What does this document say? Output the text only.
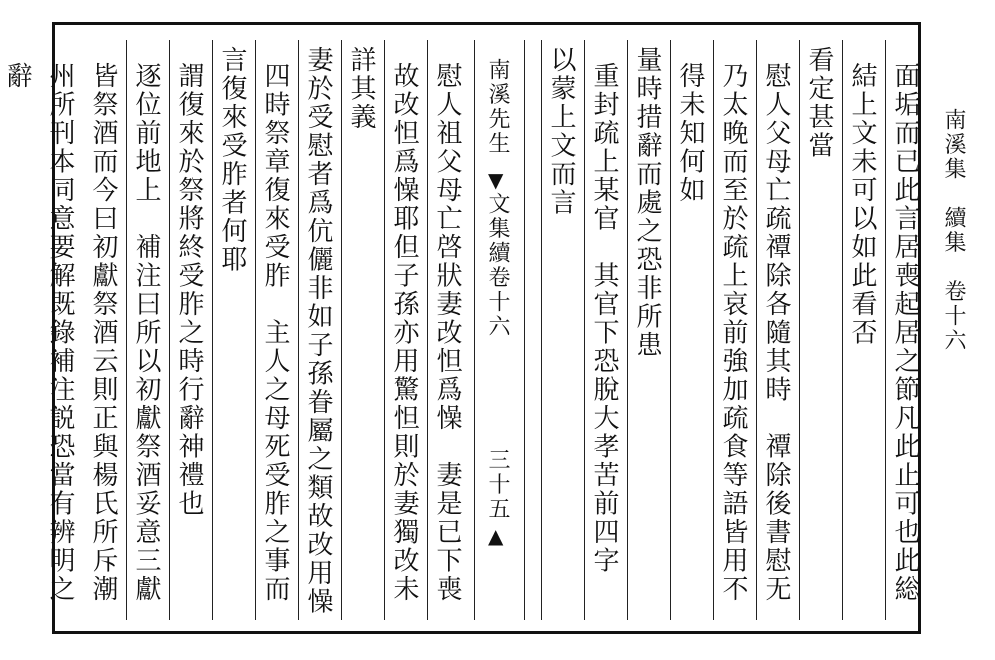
南溪集　續集　卷十六
南溪先生
▼
文集續卷十六
三十五
▲	面垢而已此言居喪起居之節凡此止可也此総
結上文未可以如此看否
看定甚當
慰人父母亡疏禫除各隨其時　禫除後書慰无
乃太晚而至於疏上哀前強加疏食等語皆用不
得未知何如
量時措辭而處之恐非所患
重封疏上某官　其官下恐脫大孝苦前四字
以蒙上文而言
慰人祖父母亡啓狀妻改怛爲懆　妻是已下喪
故改怛爲懆耶但子孫亦用驚怛則於妻獨改未
詳其義
妻於受慰者爲伉儷非如子孫眷屬之類故改用懆
四時祭章復來受胙　主人之母死受胙之事而
言復來受胙者何耶
謂復來於祭將終受胙之時行辭神禮也
逐位前地上　補注曰所以初獻祭酒妥意三獻
皆祭酒而今曰初獻祭酒云則正與楊氏所斥潮
州所刊本同意要解既錄補注説恐當有辨明之
辭
